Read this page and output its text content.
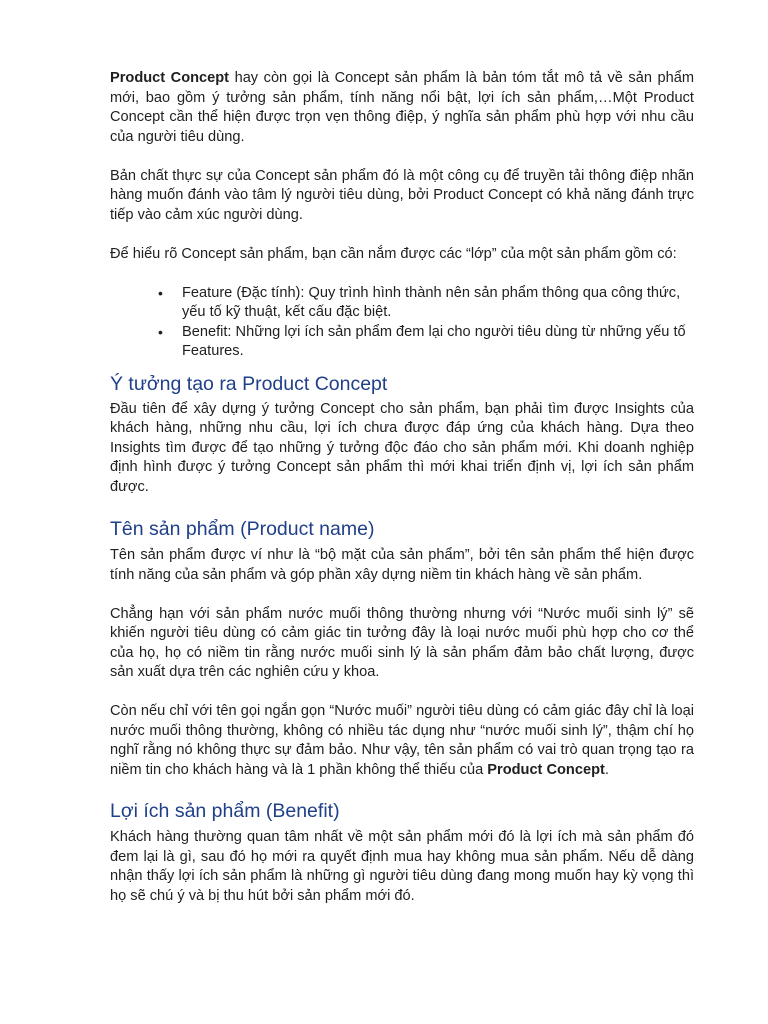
Product Concept hay còn gọi là Concept sản phẩm là bản tóm tắt mô tả về sản phẩm mới, bao gồm ý tưởng sản phẩm, tính năng nổi bật, lợi ích sản phẩm,…Một Product Concept cần thể hiện được trọn vẹn thông điệp, ý nghĩa sản phẩm phù hợp với nhu cầu của người tiêu dùng.

Bản chất thực sự của Concept sản phẩm đó là một công cụ để truyền tải thông điệp nhãn hàng muốn đánh vào tâm lý người tiêu dùng, bởi Product Concept có khả năng đánh trực tiếp vào cảm xúc người dùng.

Để hiểu rõ Concept sản phẩm, bạn cần nắm được các “lớp” của một sản phẩm gồm có:

• Feature (Đặc tính): Quy trình hình thành nên sản phẩm thông qua công thức, yếu tố kỹ thuật, kết cấu đặc biệt.
• Benefit: Những lợi ích sản phẩm đem lại cho người tiêu dùng từ những yếu tố Features.
Ý tưởng tạo ra Product Concept

Đầu tiên để xây dựng ý tưởng Concept cho sản phẩm, bạn phải tìm được Insights của khách hàng, những nhu cầu, lợi ích chưa được đáp ứng của khách hàng. Dựa theo Insights tìm được để tạo những ý tưởng độc đáo cho sản phẩm mới. Khi doanh nghiệp định hình được ý tưởng Concept sản phẩm thì mới khai triển định vị, lợi ích sản phẩm được.

Tên sản phẩm (Product name)

Tên sản phẩm được ví như là “bộ mặt của sản phẩm”, bởi tên sản phẩm thể hiện được tính năng của sản phẩm và góp phần xây dựng niềm tin khách hàng về sản phẩm.

Chẳng hạn với sản phẩm nước muối thông thường nhưng với “Nước muối sinh lý” sẽ khiến người tiêu dùng có cảm giác tin tưởng đây là loại nước muối phù hợp cho cơ thể của họ, họ có niềm tin rằng nước muối sinh lý là sản phẩm đảm bảo chất lượng, được sản xuất dựa trên các nghiên cứu y khoa.

Còn nếu chỉ với tên gọi ngắn gọn “Nước muối” người tiêu dùng có cảm giác đây chỉ là loại nước muối thông thường, không có nhiều tác dụng như “nước muối sinh lý”, thậm chí họ nghĩ rằng nó không thực sự đảm bảo. Như vậy, tên sản phẩm có vai trò quan trọng tạo ra niềm tin cho khách hàng và là 1 phần không thể thiếu của Product Concept.

Lợi ích sản phẩm (Benefit)

Khách hàng thường quan tâm nhất về một sản phẩm mới đó là lợi ích mà sản phẩm đó đem lại là gì, sau đó họ mới ra quyết định mua hay không mua sản phẩm. Nếu dễ dàng nhận thấy lợi ích sản phẩm là những gì người tiêu dùng đang mong muốn hay kỳ vọng thì họ sẽ chú ý và bị thu hút bởi sản phẩm mới đó.
